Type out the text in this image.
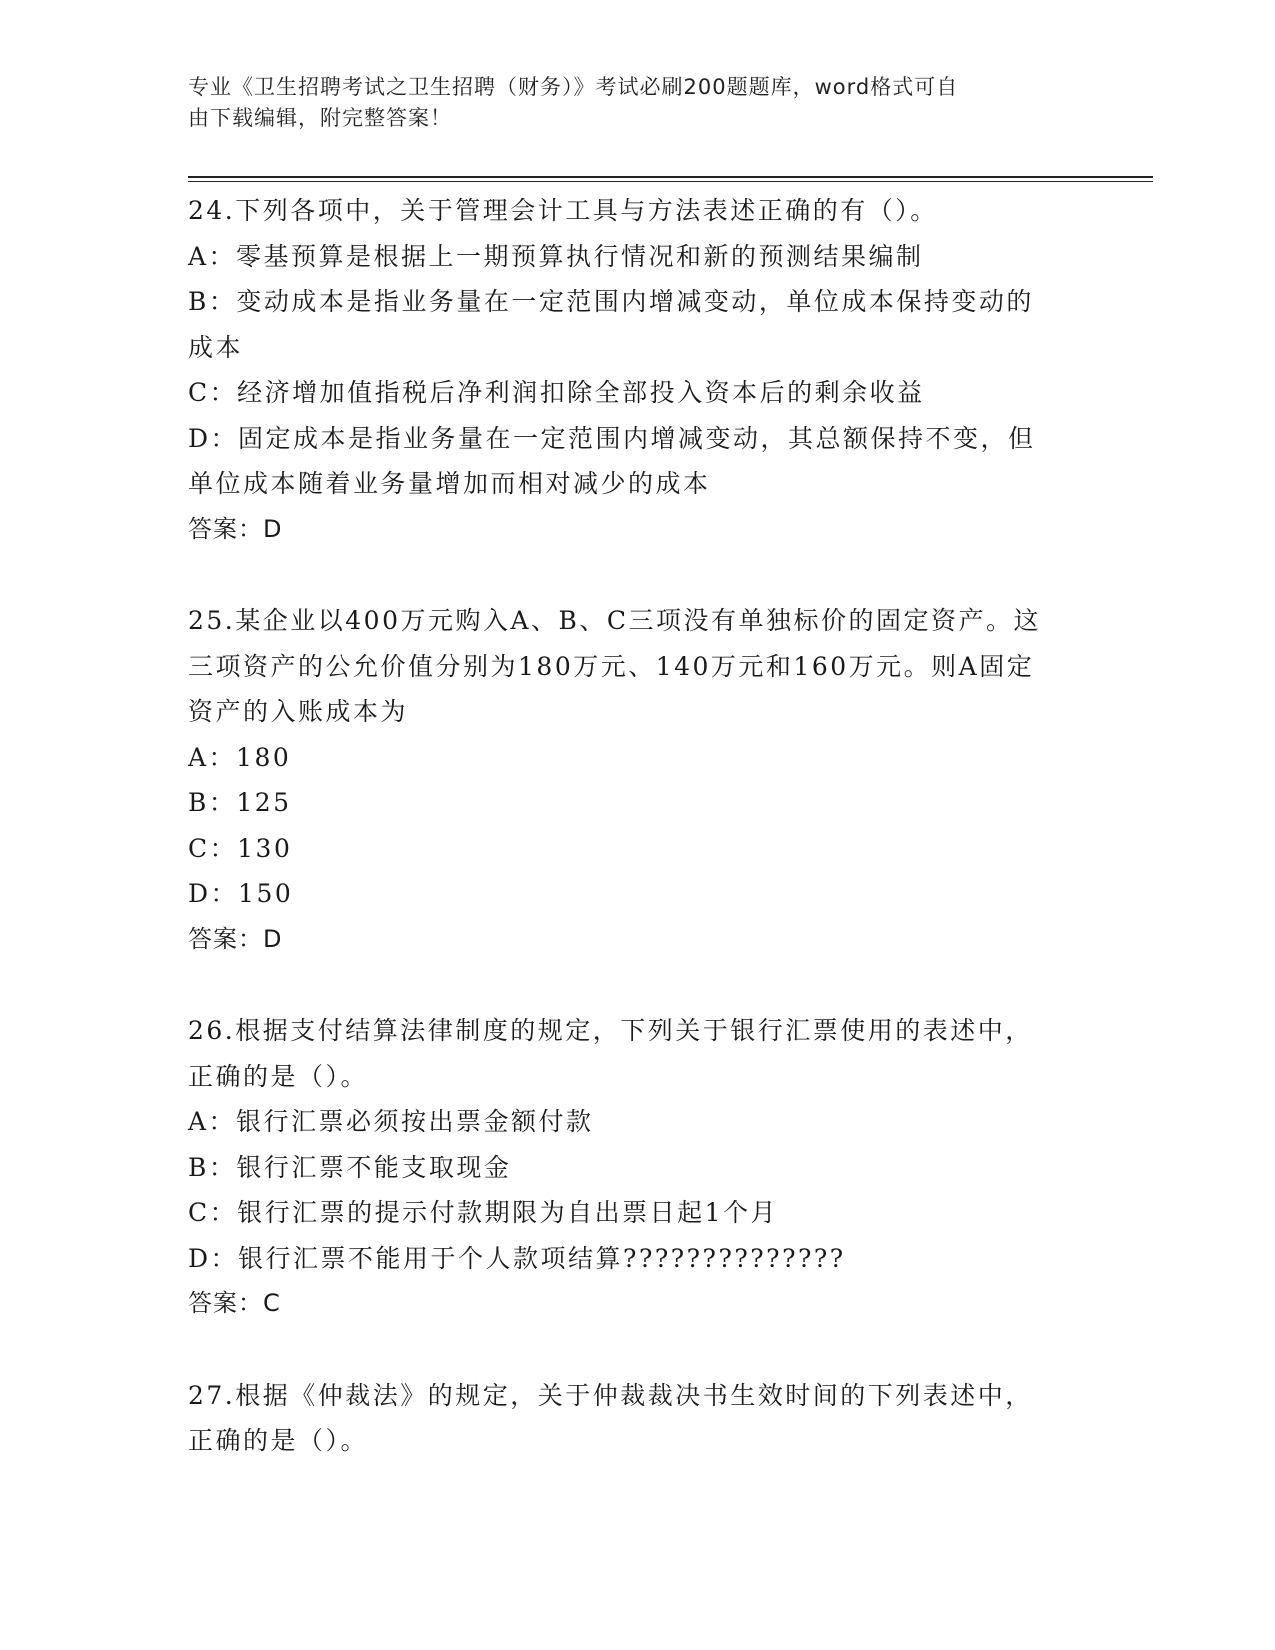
专业《卫生招聘考试之卫生招聘（财务）》考试必刷200题题库，word格式可自
由下载编辑，附完整答案！
24.下列各项中，关于管理会计工具与方法表述正确的有（）。
A：零基预算是根据上一期预算执行情况和新的预测结果编制
B：变动成本是指业务量在一定范围内增减变动，单位成本保持变动的
成本
C：经济增加值指税后净利润扣除全部投入资本后的剩余收益
D：固定成本是指业务量在一定范围内增减变动，其总额保持不变，但
单位成本随着业务量增加而相对减少的成本
答案：D
25.某企业以400万元购入A、B、C三项没有单独标价的固定资产。这
三项资产的公允价值分别为180万元、140万元和160万元。则A固定
资产的入账成本为
A：180
B：125
C：130
D：150
答案：D
26.根据支付结算法律制度的规定，下列关于银行汇票使用的表述中，
正确的是（）。
A：银行汇票必须按出票金额付款
B：银行汇票不能支取现金
C：银行汇票的提示付款期限为自出票日起1个月
D：银行汇票不能用于个人款项结算??????????????
答案：C
27.根据《仲裁法》的规定，关于仲裁裁决书生效时间的下列表述中，
正确的是（）。
